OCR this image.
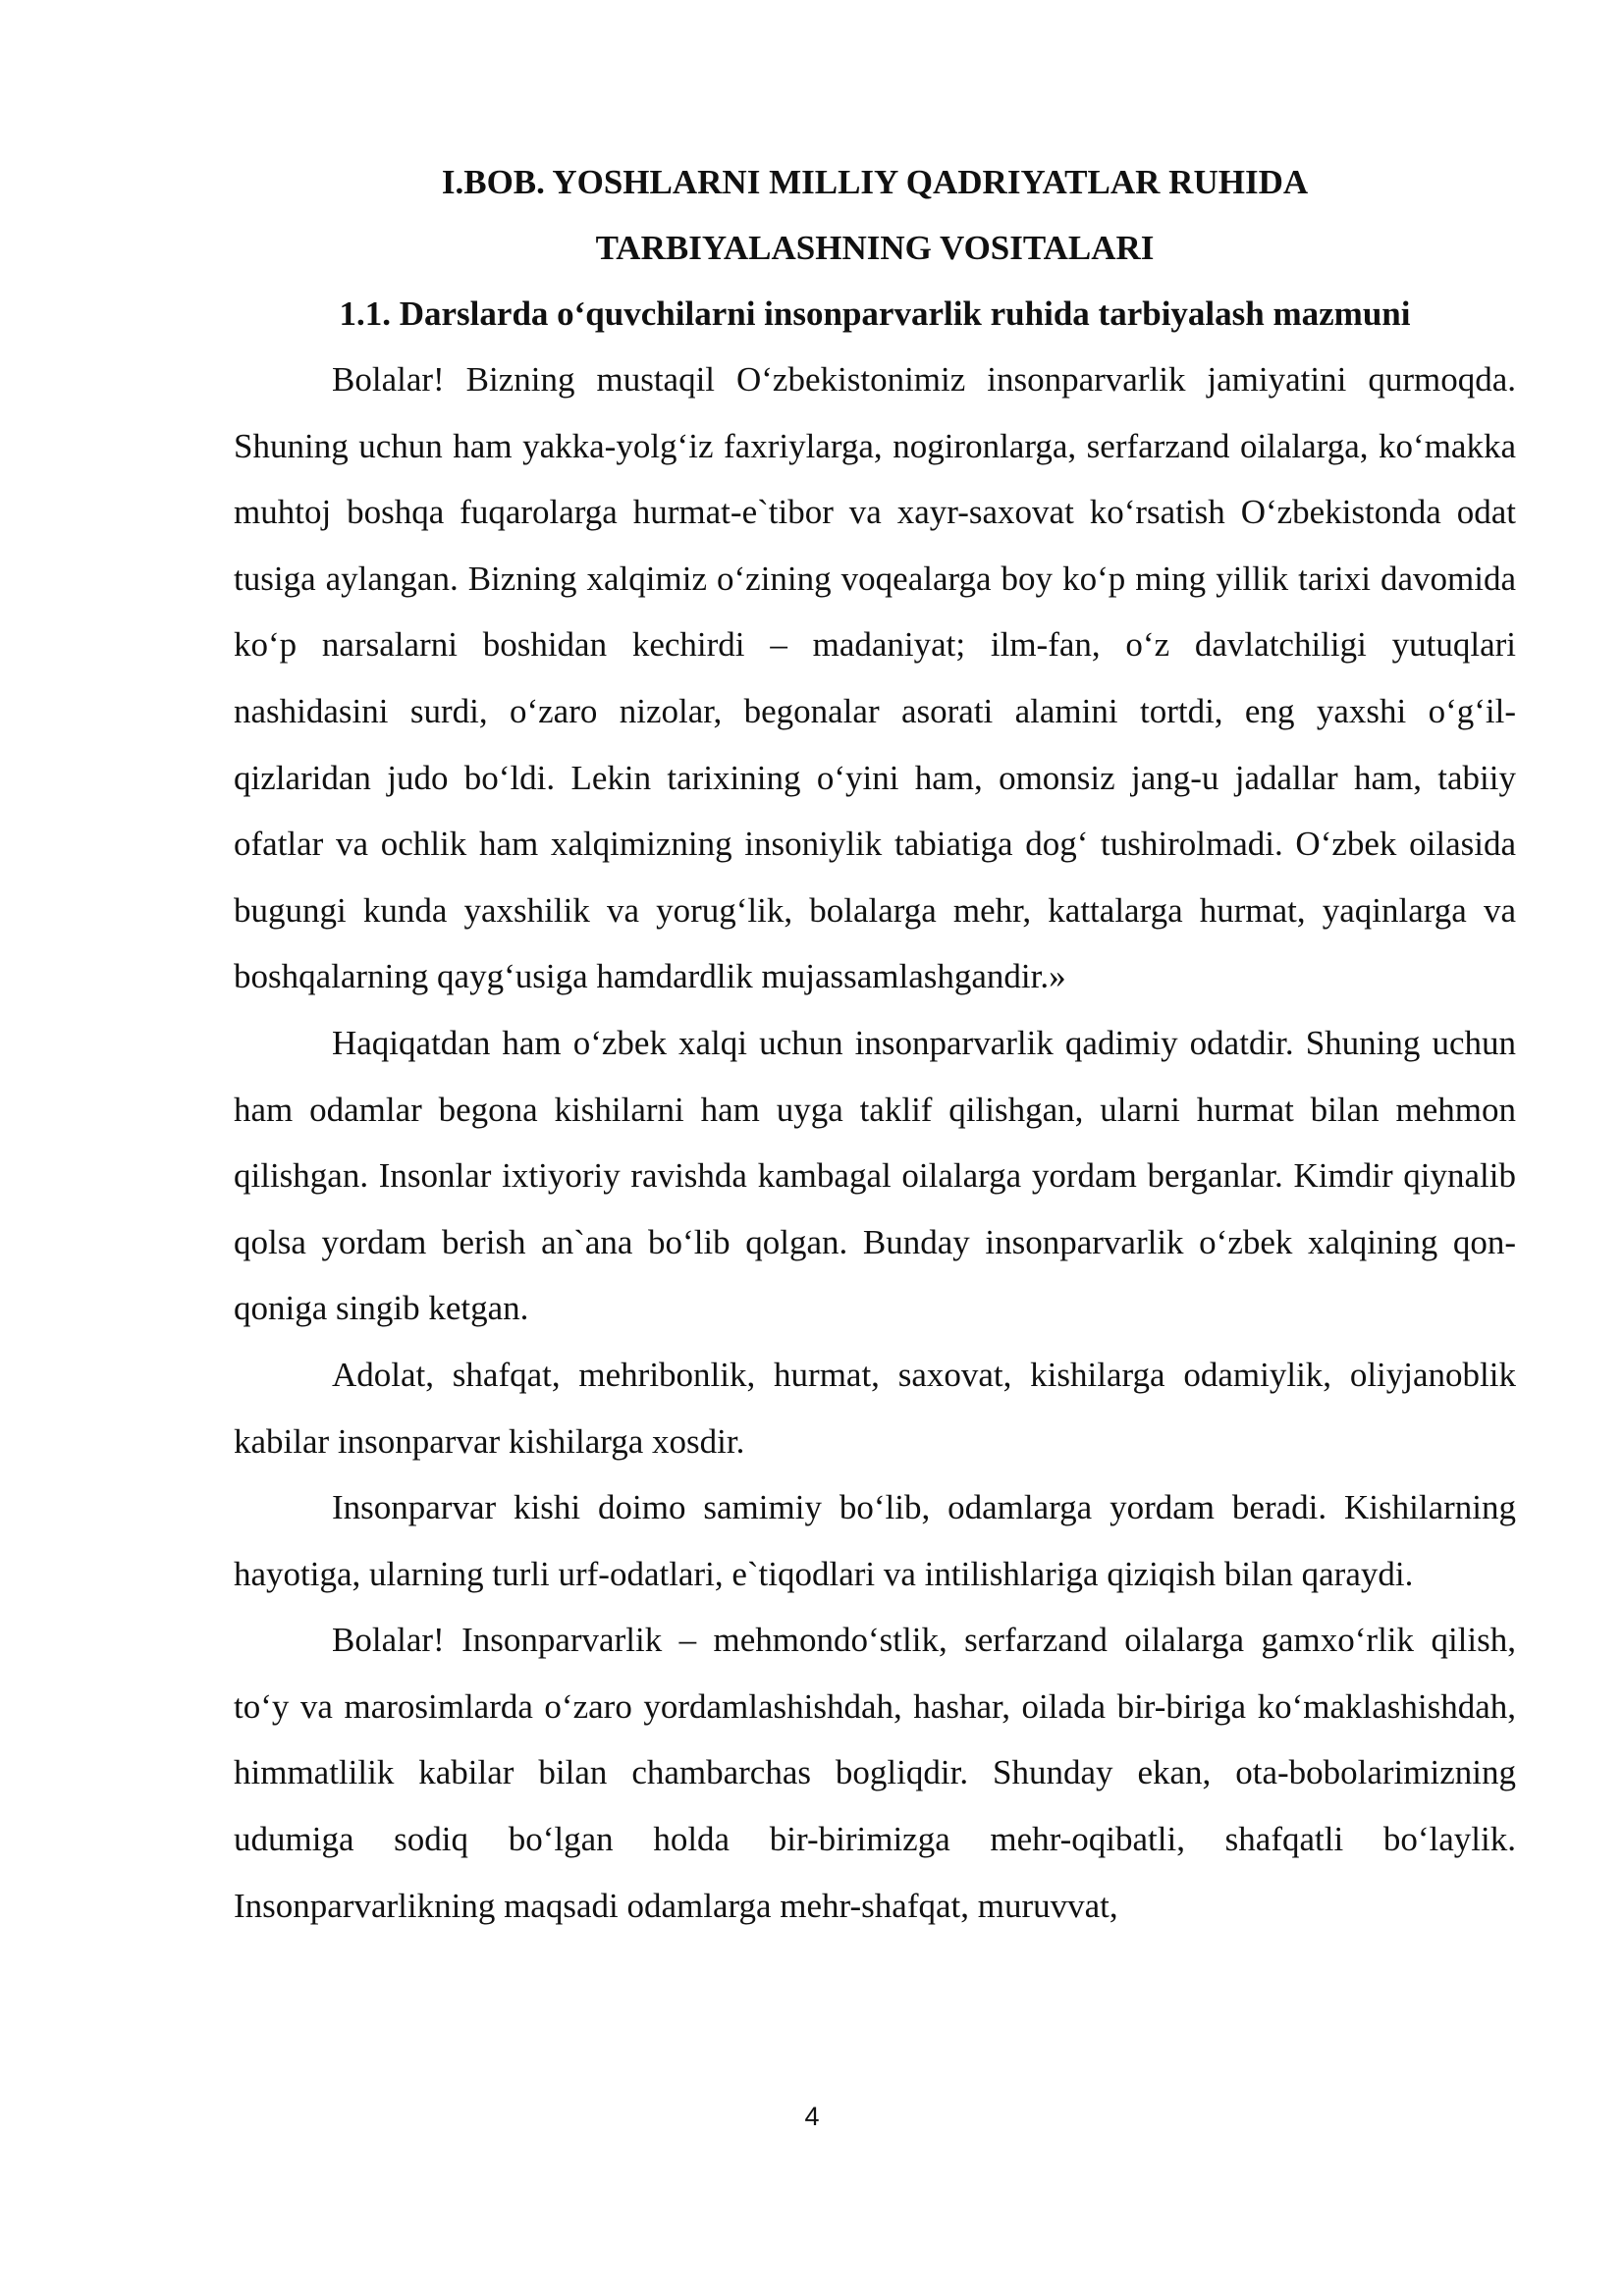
I.BOB. YOSHLARNI MILLIY QADRIYATLAR RUHIDA
TARBIYALASHNING VOSITALARI
1.1. Darslarda o‘quvchilarni insonparvarlik ruhida tarbiyalash mazmuni

Bolalar! Bizning mustaqil O‘zbekistonimiz insonparvarlik jamiyatini qurmoqda. Shuning uchun ham yakka-yolg‘iz faxriylarga, nogironlarga, serfarzand oilalarga, ko‘makka muhtoj boshqa fuqarolarga hurmat-e`tibor va xayr-saxovat ko‘rsatish O‘zbekistonda odat tusiga aylangan. Bizning xalqimiz o‘zining voqealarga boy ko‘p ming yillik tarixi davomida ko‘p narsalarni boshidan kechirdi – madaniyat; ilm-fan, o‘z davlatchiligi yutuqlari nashidasini surdi, o‘zaro nizolar, begonalar asorati alamini tortdi, eng yaxshi o‘g‘il-qizlaridan judo bo‘ldi. Lekin tarixining o‘yini ham, omonsiz jang-u jadallar ham, tabiiy ofatlar va ochlik ham xalqimizning insoniylik tabiatiga dog‘ tushirolmadi. O‘zbek oilasida bugungi kunda yaxshilik va yorug‘lik, bolalarga mehr, kattalarga hurmat, yaqinlarga va boshqalarning qayg‘usiga hamdardlik mujassamlashgandir.»

Haqiqatdan ham o‘zbek xalqi uchun insonparvarlik qadimiy odatdir. Shuning uchun ham odamlar begona kishilarni ham uyga taklif qilishgan, ularni hurmat bilan mehmon qilishgan. Insonlar ixtiyoriy ravishda kambagal oilalarga yordam berganlar. Kimdir qiynalib qolsa yordam berish an`ana bo‘lib qolgan. Bunday insonparvarlik o‘zbek xalqining qon-qoniga singib ketgan.

Adolat, shafqat, mehribonlik, hurmat, saxovat, kishilarga odamiylik, oliyjanoblik kabilar insonparvar kishilarga xosdir.

Insonparvar kishi doimo samimiy bo‘lib, odamlarga yordam beradi. Kishilarning hayotiga, ularning turli urf-odatlari, e`tiqodlari va intilishlariga qiziqish bilan qaraydi.

Bolalar! Insonparvarlik – mehmondo‘stlik, serfarzand oilalarga gamxo‘rlik qilish, to‘y va marosimlarda o‘zaro yordamlashishdah, hashar, oilada bir-biriga ko‘maklashishdah, himmatlilik kabilar bilan chambarchas bogliqdir. Shunday ekan, ota-bobolarimizning udumiga sodiq bo‘lgan holda bir-birimizga mehr-oqibatli, shafqatli bo‘laylik. Insonparvarlikning maqsadi odamlarga mehr-shafqat, muruvvat,

4
